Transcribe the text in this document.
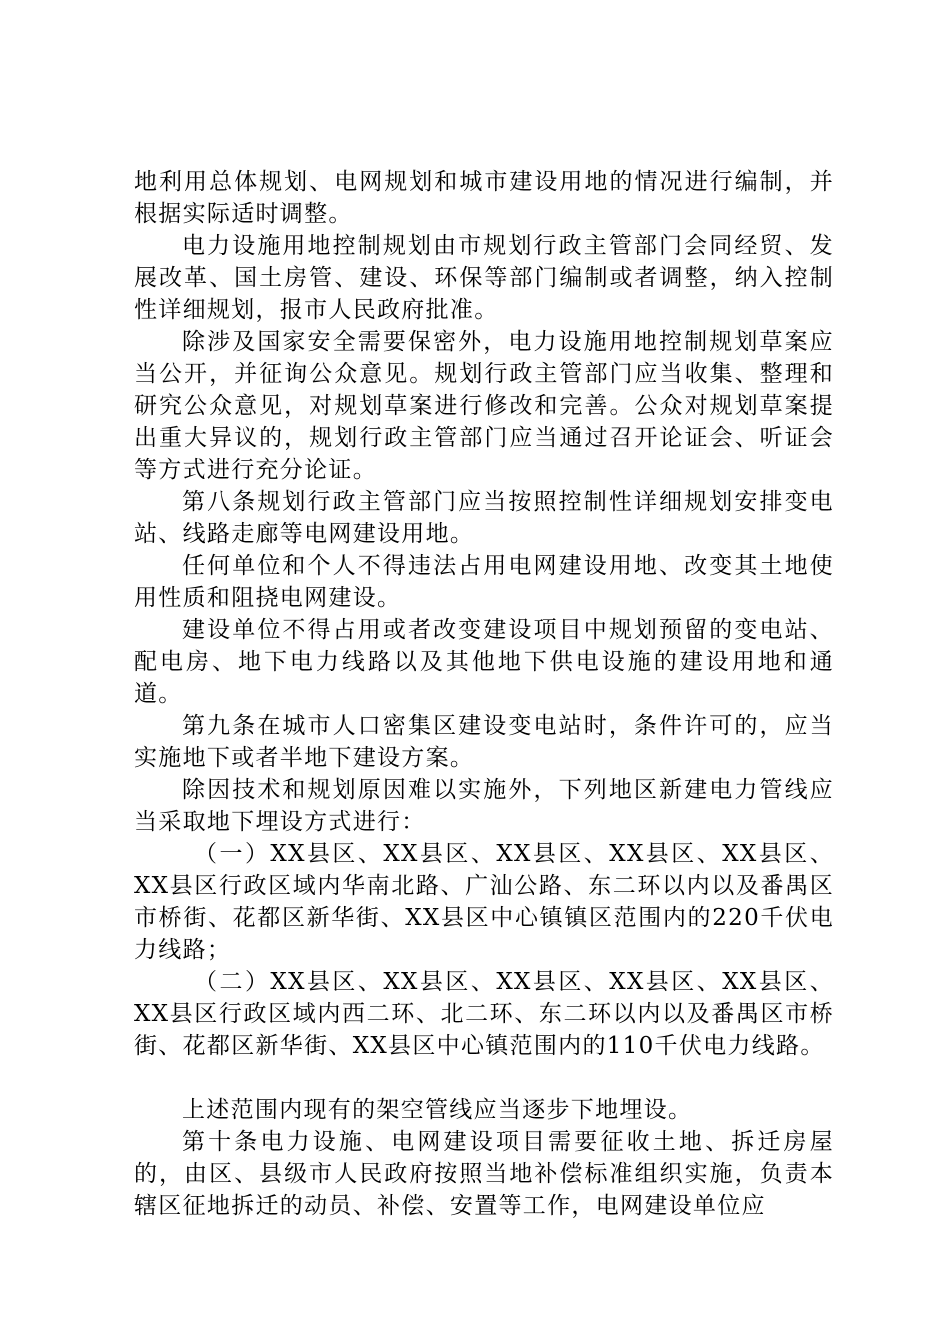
地利用总体规划、电网规划和城市建设用地的情况进行编制，并根据实际适时调整。

电力设施用地控制规划由市规划行政主管部门会同经贸、发展改革、国土房管、建设、环保等部门编制或者调整，纳入控制性详细规划，报市人民政府批准。

除涉及国家安全需要保密外，电力设施用地控制规划草案应当公开，并征询公众意见。规划行政主管部门应当收集、整理和研究公众意见，对规划草案进行修改和完善。公众对规划草案提出重大异议的，规划行政主管部门应当通过召开论证会、听证会等方式进行充分论证。

第八条规划行政主管部门应当按照控制性详细规划安排变电站、线路走廊等电网建设用地。

任何单位和个人不得违法占用电网建设用地、改变其土地使用性质和阻挠电网建设。

建设单位不得占用或者改变建设项目中规划预留的变电站、配电房、地下电力线路以及其他地下供电设施的建设用地和通道。

第九条在城市人口密集区建设变电站时，条件许可的，应当实施地下或者半地下建设方案。

除因技术和规划原因难以实施外，下列地区新建电力管线应当采取地下埋设方式进行：

（一）XX县区、XX县区、XX县区、XX县区、XX县区、XX县区行政区域内华南北路、广汕公路、东二环以内以及番禺区市桥街、花都区新华街、XX县区中心镇镇区范围内的220千伏电力线路；

（二）XX县区、XX县区、XX县区、XX县区、XX县区、XX县区行政区域内西二环、北二环、东二环以内以及番禺区市桥街、花都区新华街、XX县区中心镇范围内的110千伏电力线路。

上述范围内现有的架空管线应当逐步下地埋设。

第十条电力设施、电网建设项目需要征收土地、拆迁房屋的，由区、县级市人民政府按照当地补偿标准组织实施，负责本辖区征地拆迁的动员、补偿、安置等工作，电网建设单位应
